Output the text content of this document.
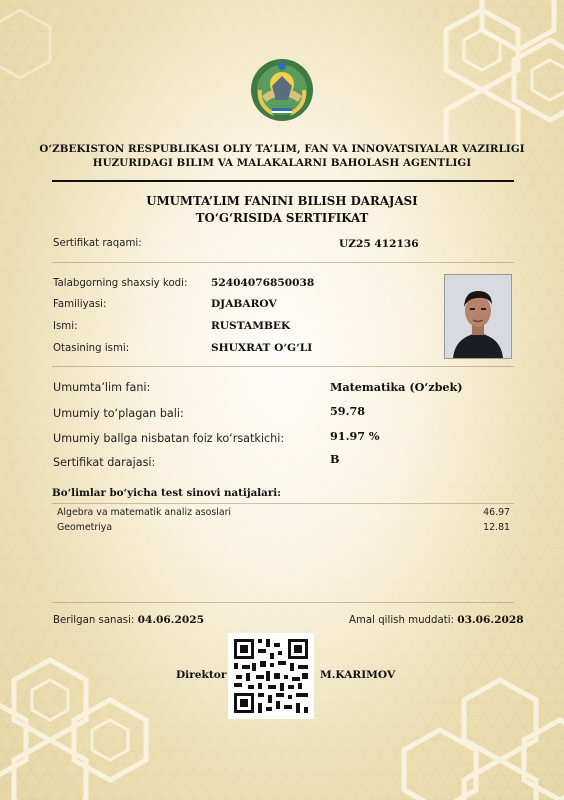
O‘ZBEKISTON RESPUBLIKASI OLIY TA’LIM, FAN VA INNOVATSIYALAR VAZIRLIGI
HUZURIDAGI BILIM VA MALAKALARNI BAHOLASH AGENTLIGI
UMUMTA’LIM FANINI BILISH DARAJASI
TO‘G‘RISIDA SERTIFIKAT
Sertifikat raqami:	UZ25 412136
Talabgorning shaxsiy kodi: 52404076850038
Familiyasi:	DJABAROV
Ismi:	RUSTAMBEK
Otasining ismi:	SHUXRAT O‘G‘LI
Umumta’lim fani:	Matematika (O‘zbek)
Umumiy to‘plagan bali:	59.78
Umumiy ballga nisbatan foiz ko‘rsatkichi:	91.97 %
Sertifikat darajasi:	B
Bo‘limlar bo‘yicha test sinovi natijalari:
Algebra va matematik analiz asoslari	46.97
Geometriya	12.81
Berilgan sanasi: 04.06.2025	Amal qilish muddati: 03.06.2028
Direktor	M.KARIMOV
